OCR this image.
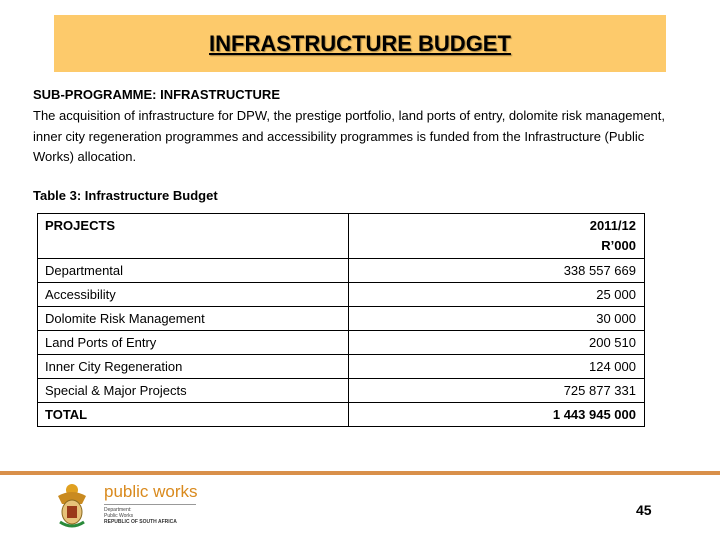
INFRASTRUCTURE BUDGET
SUB-PROGRAMME: INFRASTRUCTURE
The acquisition of infrastructure for DPW, the prestige portfolio, land ports of entry, dolomite risk management, inner city regeneration programmes and accessibility programmes is funded from the Infrastructure (Public Works) allocation.
Table 3: Infrastructure Budget
PROJECTS	2011/12
R’000
Departmental	338 557 669
Accessibility	25 000
Dolomite Risk Management	30 000
Land Ports of Entry	200 510
Inner City Regeneration	124 000
Special & Major Projects	725 877 331
TOTAL	1 443 945 000
public works
Department:
Public Works
REPUBLIC OF SOUTH AFRICA
45
